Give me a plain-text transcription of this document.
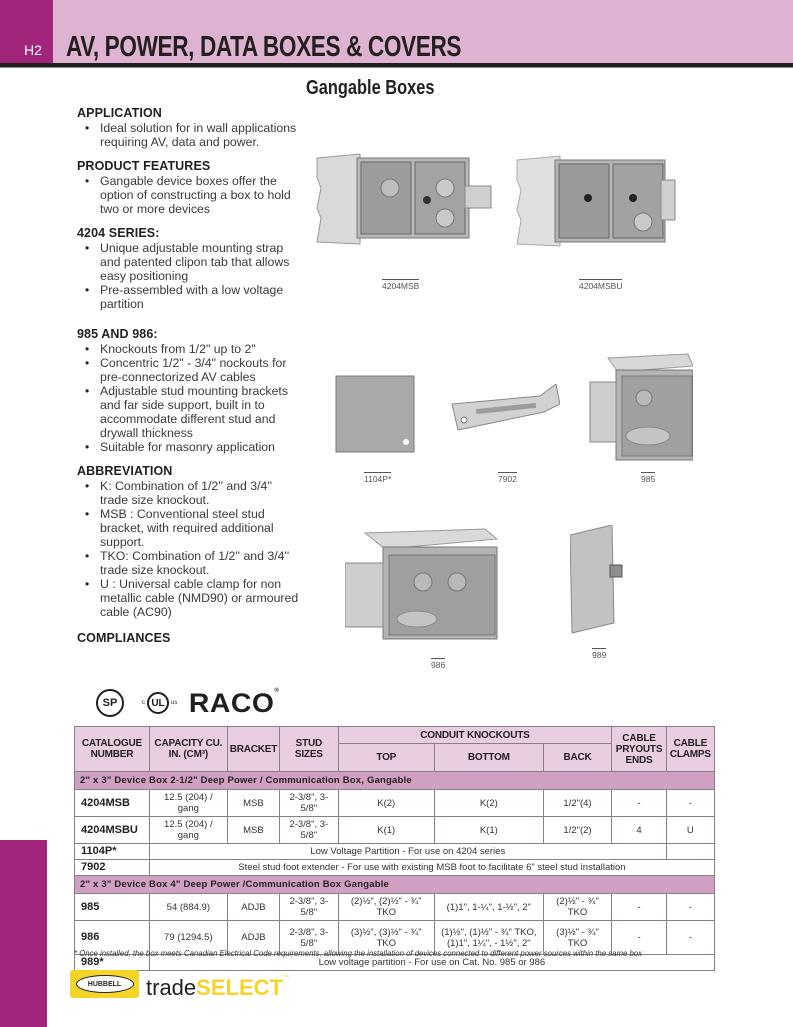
H2 AV, POWER, DATA BOXES & COVERS
Gangable Boxes
APPLICATION
• Ideal solution for in wall applications requiring AV, data and power.
PRODUCT FEATURES
• Gangable device boxes offer the option of constructing a box to hold two or more devices
4204 SERIES:
• Unique adjustable mounting strap and patented clipon tab that allows easy positioning
• Pre-assembled with a low voltage partition
985 AND 986:
• Knockouts from 1/2" up to 2"
• Concentric 1/2" - 3/4" nockouts for pre-connectorized AV cables
• Adjustable stud mounting brackets and far side support, built in to accommodate different stud and drywall thickness
• Suitable for masonry application
ABBREVIATION
• K: Combination of 1/2'' and 3/4'' trade size knockout.
• MSB : Conventional steel stud bracket, with required additional support.
• TKO: Combination of 1/2'' and 3/4'' trade size knockout.
• U : Universal cable clamp for non metallic cable (NMD90) or armoured cable (AC90)
COMPLIANCES
4204MSB	4204MSBU
1104P*	7902	985
986
989
SP	c UL	us RACO®
CATALOGUE NUMBER	CAPACITY CU. IN. (CM³)	BRACKET	STUD SIZES	CONDUIT KNOCKOUTS			CABLE PRYOUTS ENDS	CABLE CLAMPS
				TOP	BOTTOM	BACK		
2" x 3" Device Box 2-1/2" Deep Power / Communication Box, Gangable								
4204MSB	12.5 (204) / gang	MSB	2-3/8", 3-5/8"	K(2)	K(2)	1/2"(4)	-	-
4204MSBU	12.5 (204) / gang	MSB	2-3/8", 3-5/8"	K(1)	K(1)	1/2"(2)	4	U
1104P*	Low Voltage Partition - For use on 4204 series							
7902	Steel stud foot extender - For use with existing MSB foot to facilitate 6" steel stud installation							
2" x 3" Device Box 4" Deep Power /Communication Box Gangable								
985	54 (884.9)	ADJB	2-3/8", 3-5/8"	(2)½", (2)½" - ¾" TKO	(1)1", 1-¼", 1-½", 2"	(2)½" - ¾" TKO	-	-
986	79 (1294.5)	ADJB	2-3/8", 3-5/8"	(3)½", (3)½" - ¾" TKO	(1)½", (1)½" - ¾" TKO, (1)1", 1¼", - 1½", 2"	(3)½" - ¾" TKO	-	-
989*	Low voltage partition - For use on Cat. No. 985 or 986							
* Once installed, the box meets Canadian Electrical Code requirements, allowing the installation of devices connected to different power sources within the same box
HUBBELL	tradeSELECT™
